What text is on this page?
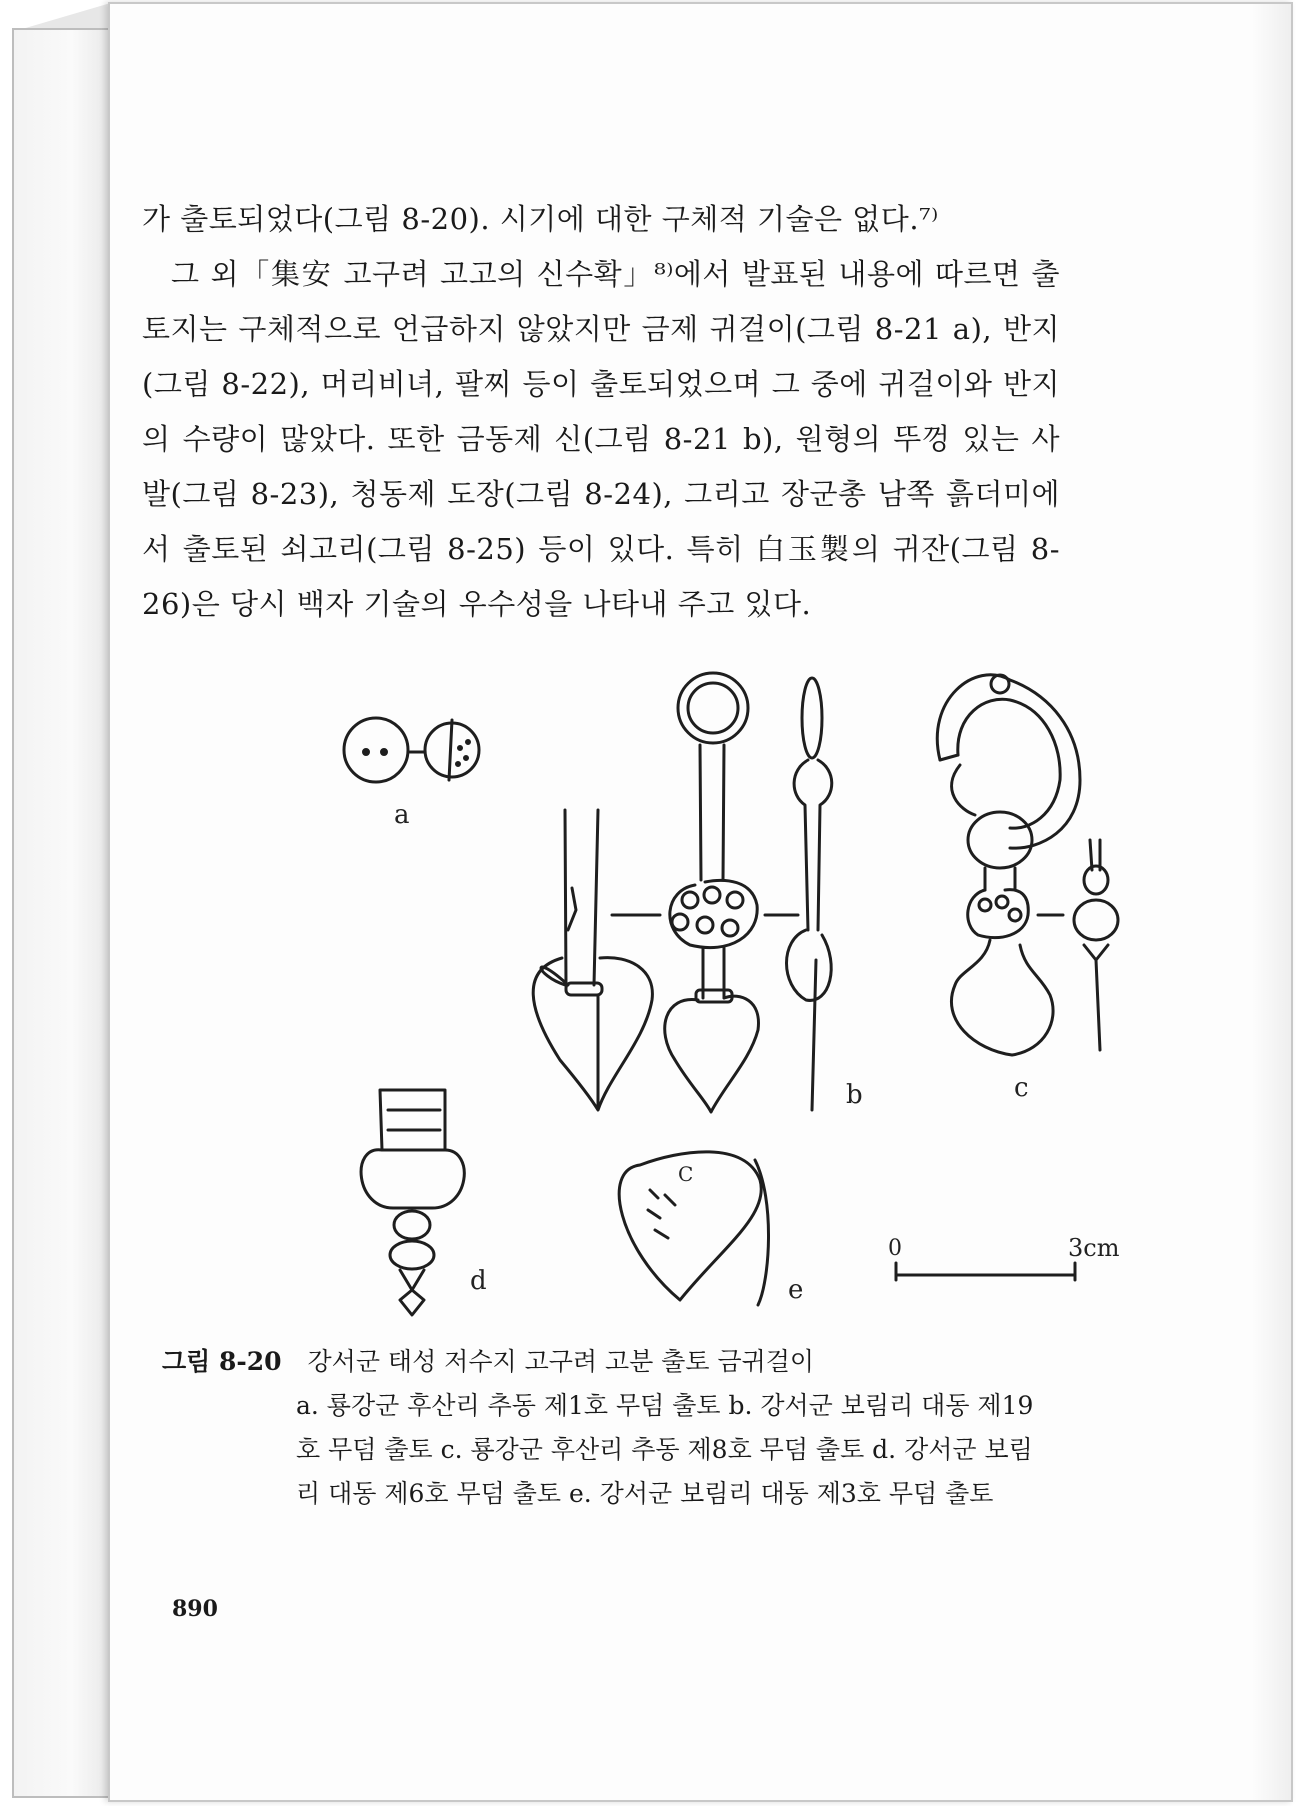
가 출토되었다(그림 8-20). 시기에 대한 구체적 기술은 없다.⁷⁾

그 외「集安 고구려 고고의 신수확」⁸⁾에서 발표된 내용에 따르면 출토지는 구체적으로 언급하지 않았지만 금제 귀걸이(그림 8-21 a), 반지(그림 8-22), 머리비녀, 팔찌 등이 출토되었으며 그 중에 귀걸이와 반지의 수량이 많았다. 또한 금동제 신(그림 8-21 b), 원형의 뚜껑 있는 사발(그림 8-23), 청동제 도장(그림 8-24), 그리고 장군총 남쪽 흙더미에서 출토된 쇠고리(그림 8-25) 등이 있다. 특히 白玉製의 귀잔(그림 8-26)은 당시 백자 기술의 우수성을 나타내 주고 있다.

a
b	c
d	e
C
0	3cm
그림 8-20 강서군 태성 저수지 고구려 고분 출토 금귀걸이
a. 룡강군 후산리 추동 제1호 무덤 출토 b. 강서군 보림리 대동 제19호 무덤 출토 c. 룡강군 후산리 추동 제8호 무덤 출토 d. 강서군 보림리 대동 제6호 무덤 출토 e. 강서군 보림리 대동 제3호 무덤 출토
890
